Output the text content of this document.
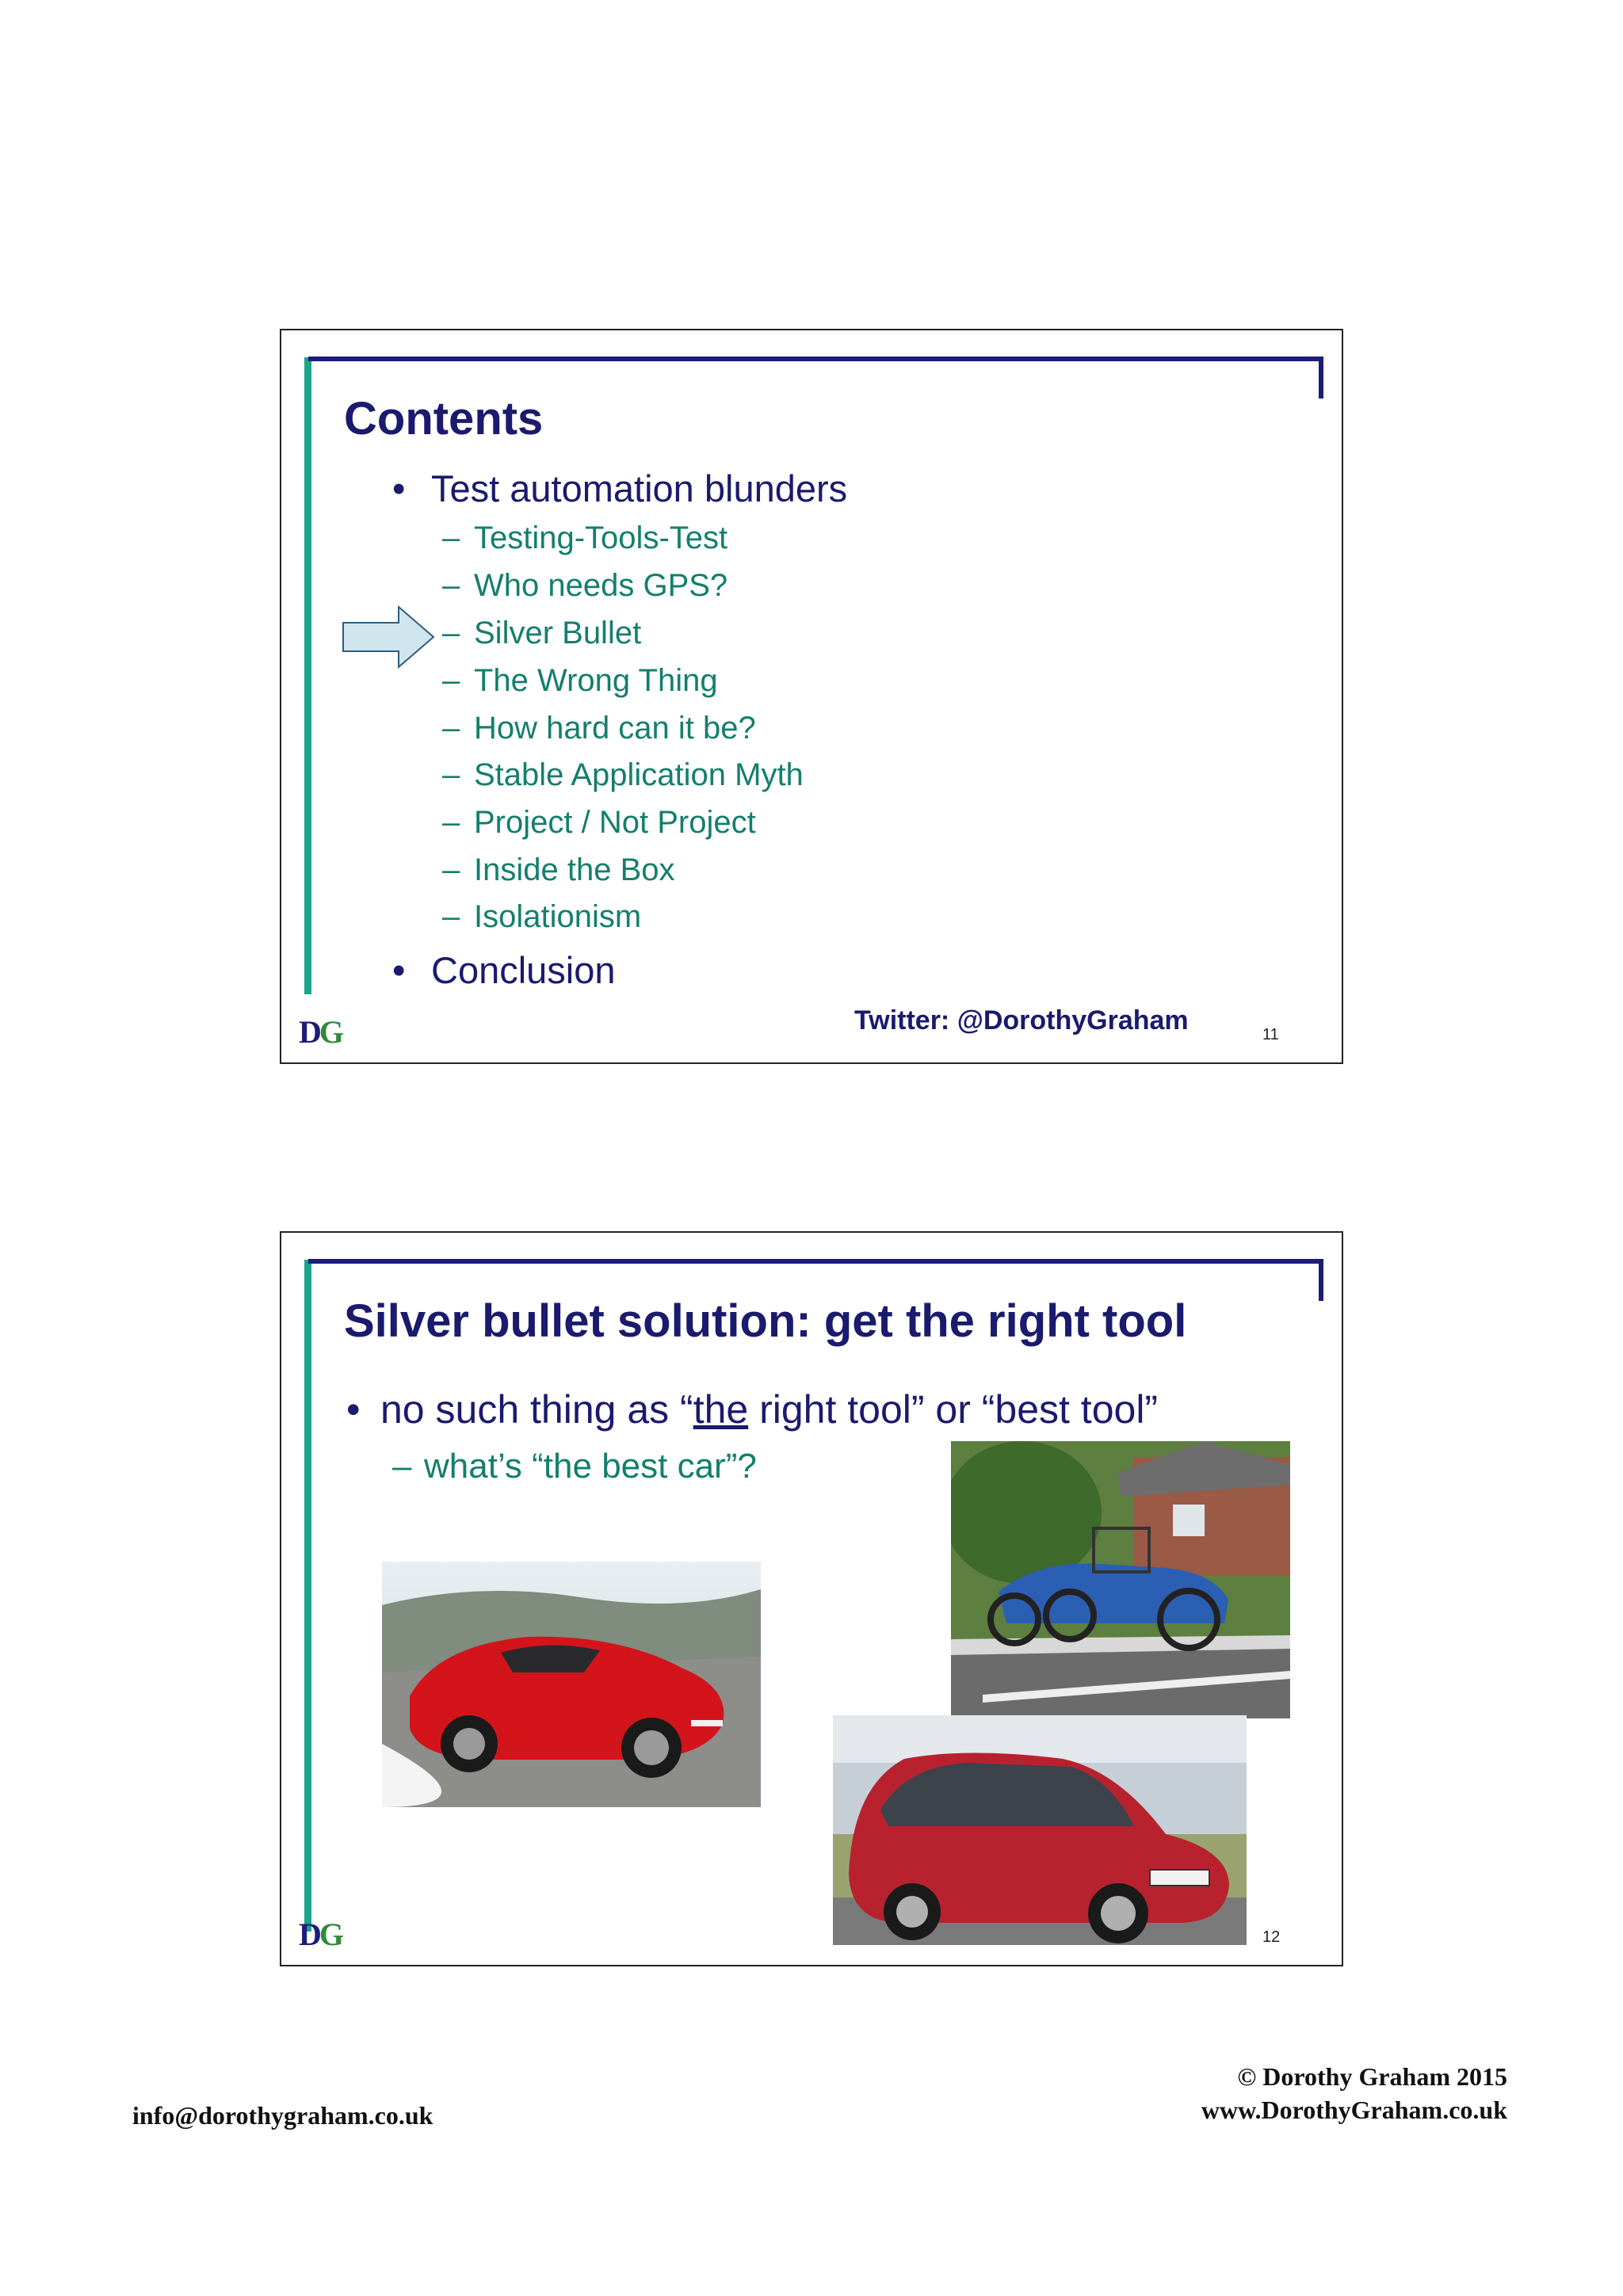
Contents
• Test automation blunders
– Testing-Tools-Test
– Who needs GPS?
– Silver Bullet
– The Wrong Thing
– How hard can it be?
– Stable Application Myth
– Project / Not Project
– Inside the Box
– Isolationism
• Conclusion
Twitter: @DorothyGraham
DG	11
Silver bullet solution: get the right tool
• no such thing as “the right tool” or “best tool”
– what’s “the best car”?
DG	12
© Dorothy Graham 2015
www.DorothyGraham.co.uk
info@dorothygraham.co.uk
